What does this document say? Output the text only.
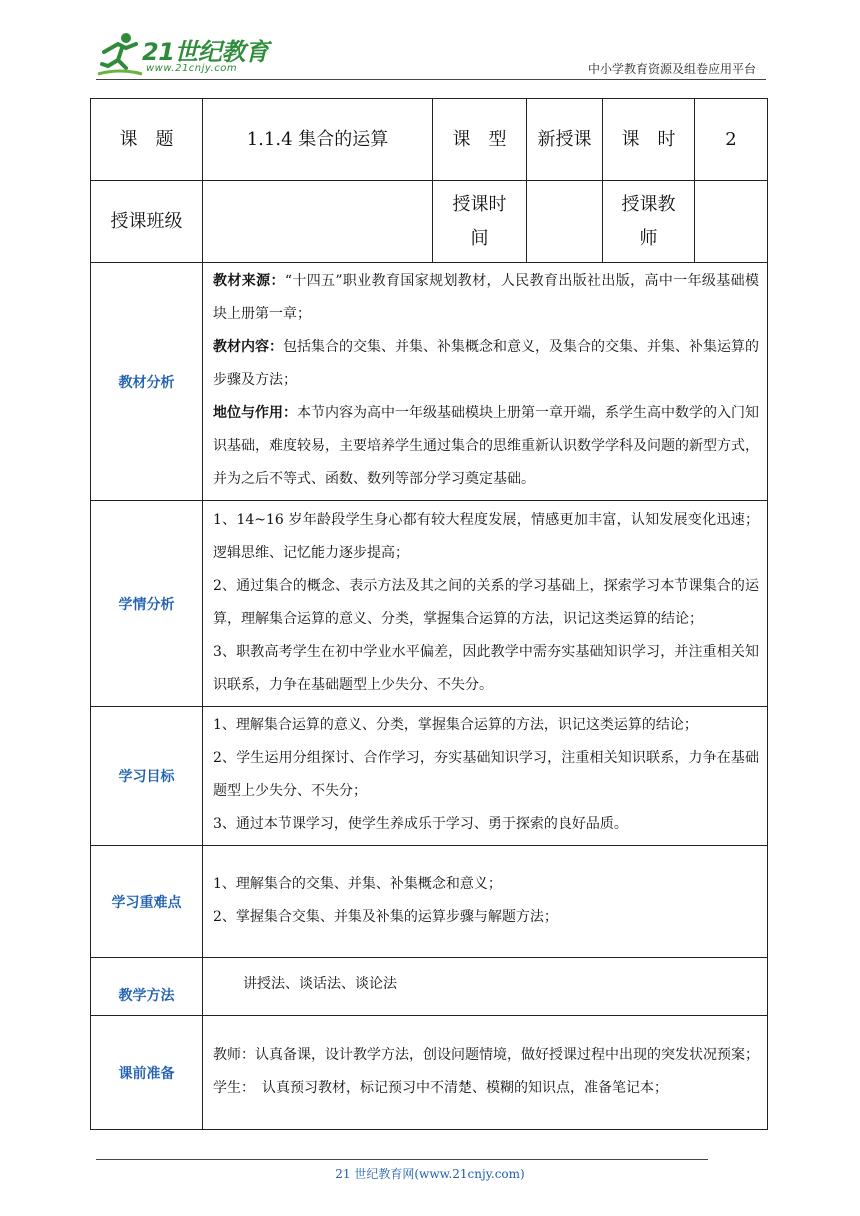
21世纪教育
www.21cnjy.com	中小学教育资源及组卷应用平台
课　题	1.1.4 集合的运算	课　型	新授课	课　时	2
授课班级		授课时间		授课教师	
教材分析	教材来源：“十四五”职业教育国家规划教材，人民教育出版社出版，高中一年级基础模块上册第一章；

教材内容：包括集合的交集、并集、补集概念和意义，及集合的交集、并集、补集运算的步骤及方法；

地位与作用：本节内容为高中一年级基础模块上册第一章开端，系学生高中数学的入门知识基础，难度较易，主要培养学生通过集合的思维重新认识数学学科及问题的新型方式，并为之后不等式、函数、数列等部分学习奠定基础。				

学情分析	1、14~16 岁年龄段学生身心都有较大程度发展，情感更加丰富，认知发展变化迅速；逻辑思维、记忆能力逐步提高；

2、通过集合的概念、表示方法及其之间的关系的学习基础上，探索学习本节课集合的运算，理解集合运算的意义、分类，掌握集合运算的方法，识记这类运算的结论；

3、职教高考学生在初中学业水平偏差，因此教学中需夯实基础知识学习，并注重相关知识联系，力争在基础题型上少失分、不失分。				

学习目标	1、理解集合运算的意义、分类，掌握集合运算的方法，识记这类运算的结论；

2、学生运用分组探讨、合作学习，夯实基础知识学习，注重相关知识联系，力争在基础题型上少失分、不失分；

3、通过本节课学习，使学生养成乐于学习、勇于探索的良好品质。				

学习重难点	1、理解集合的交集、并集、补集概念和意义；

2、掌握集合交集、并集及补集的运算步骤与解题方法；				

教学方法	讲授法、谈话法、谈论法				
课前准备	教师：认真备课，设计教学方法，创设问题情境，做好授课过程中出现的突发状况预案；

学生：　认真预习教材，标记预习中不清楚、模糊的知识点，准备笔记本；				

21 世纪教育网(www.21cnjy.com)
